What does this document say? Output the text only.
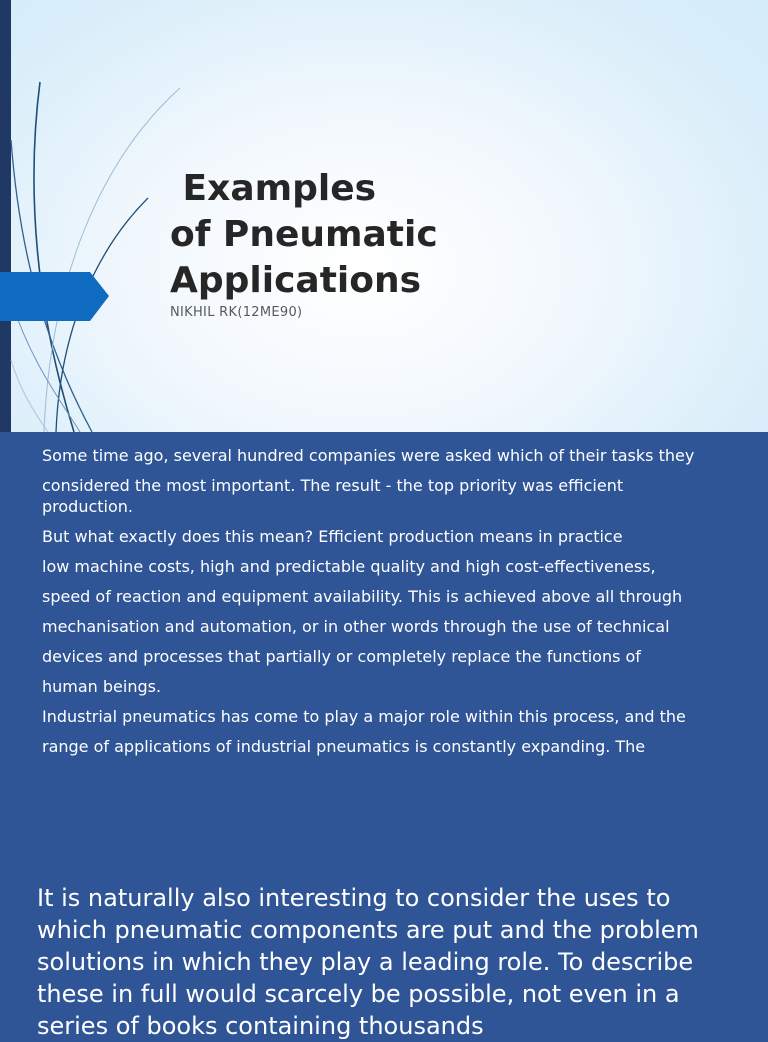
Examples
of Pneumatic
Applications

NIKHIL RK(12ME90)

Some time ago, several hundred companies were asked which of their tasks they
considered the most important. The result - the top priority was efficient production.
But what exactly does this mean? Efficient production means in practice
low machine costs, high and predictable quality and high cost-effectiveness,
speed of reaction and equipment availability. This is achieved above all through
mechanisation and automation, or in other words through the use of technical
devices and processes that partially or completely replace the functions of
human beings.
Industrial pneumatics has come to play a major role within this process, and the
range of applications of industrial pneumatics is constantly expanding. The

It is naturally also interesting to consider the uses to which pneumatic components are put and the problem solutions in which they play a leading role. To describe these in full would scarcely be possible, not even in a series of books containing thousands
